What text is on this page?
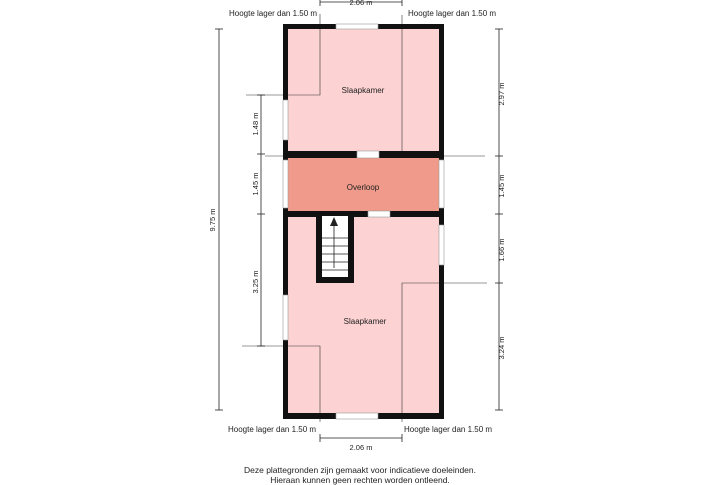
Slaapkamer
Overloop
Slaapkamer
Hoogte lager dan 1.50 m	Hoogte lager dan 1.50 m
Hoogte lager dan 1.50 m	Hoogte lager dan 1.50 m
2.06 m
2.06 m
9.75 m
1.48 m
1.45 m
3.25 m
2.97 m
1.45 m
1.66 m
3.24 m
Deze plattegronden zijn gemaakt voor indicatieve doeleinden.
Hieraan kunnen geen rechten worden ontleend.
